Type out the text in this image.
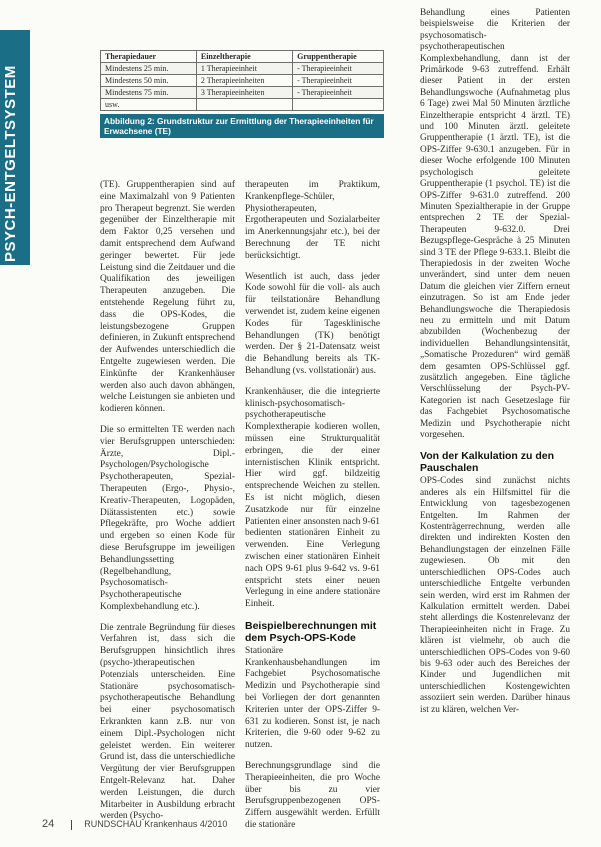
PSYCH-ENTGELTSYSTEM
Therapiedauer	Einzeltherapie	Gruppentherapie
Mindestens 25 min.	1 Therapieeinheit	- Therapieeinheit
Mindestens 50 min.	2 Therapieeinheiten	- Therapieeinheit
Mindestens 75 min.	3 Therapieeinheiten	- Therapieeinheit
usw.		
Abbildung 2: Grundstruktur zur Ermittlung der Therapieeinheiten für Erwachsene (TE)

(TE). Gruppentherapien sind auf eine Maximalzahl von 9 Patienten pro Therapeut begrenzt. Sie werden gegenüber der Einzeltherapie mit dem Faktor 0,25 versehen und damit entsprechend dem Aufwand geringer bewertet. Für jede Leistung sind die Zeitdauer und die Qualifikation des jeweiligen Therapeuten anzugeben. Die entstehende Regelung führt zu, dass die OPS-Kodes, die leistungsbezogene Gruppen definieren, in Zukunft entsprechend der Aufwendes unterschiedlich die Entgelte zugewiesen werden. Die Einkünfte der Krankenhäuser werden also auch davon abhängen, welche Leistungen sie anbieten und kodieren können.

Die so ermittelten TE werden nach vier Berufsgruppen unterschieden: Ärzte, Dipl.-Psychologen/Psychologische Psychotherapeuten, Spezial-Therapeuten (Ergo-, Physio-, Kreativ-Therapeuten, Logopäden, Diätassistenten etc.) sowie Pflegekräfte, pro Woche addiert und ergeben so einen Kode für diese Berufsgruppe im jeweiligen Behandlungssetting (Regelbehandlung, Psychosomatisch-Psychotherapeutische Komplexbehandlung etc.).

Die zentrale Begründung für dieses Verfahren ist, dass sich die Berufsgruppen hinsichtlich ihres (psycho-)therapeutischen Potenzials unterscheiden. Eine Stationäre psychosomatisch-psychotherapeutische Behandlung bei einer psychosomatisch Erkrankten kann z.B. nur von einem Dipl.-Psychologen nicht geleistet werden. Ein weiterer Grund ist, dass die unterschiedliche Vergütung der vier Berufsgruppen Entgelt-Relevanz hat. Daher werden Leistungen, die durch Mitarbeiter in Ausbildung erbracht werden (Psycho-

therapeuten im Praktikum, Krankenpflege-Schüler, Physiotherapeuten, Ergotherapeuten und Sozialarbeiter im Anerkennungsjahr etc.), bei der Berechnung der TE nicht berücksichtigt.

Wesentlich ist auch, dass jeder Kode sowohl für die voll- als auch für teilstationäre Behandlung verwendet ist, zudem keine eigenen Kodes für Tagesklinische Behandlungen (TK) benötigt werden. Der § 21-Datensatz weist die Behandlung bereits als TK-Behandlung (vs. vollstationär) aus.

Krankenhäuser, die die integrierte klinisch-psychosomatisch-psychotherapeutische Komplextherapie kodieren wollen, müssen eine Strukturqualität erbringen, die der einer internistischen Klinik entspricht. Hier wird ggf. bildzeitig entsprechende Weichen zu stellen. Es ist nicht möglich, diesen Zusatzkode nur für einzelne Patienten einer ansonsten nach 9-61 bedienten stationären Einheit zu verwenden. Eine Verlegung zwischen einer stationären Einheit nach OPS 9-61 plus 9-642 vs. 9-61 entspricht stets einer neuen Verlegung in eine andere stationäre Einheit.

Beispielberechnungen mit dem Psych-OPS-Kode

Stationäre Krankenhausbehandlungen im Fachgebiet Psychosomatische Medizin und Psychotherapie sind bei Vorliegen der dort genannten Kriterien unter der OPS-Ziffer 9-631 zu kodieren. Sonst ist, je nach Kriterien, die 9-60 oder 9-62 zu nutzen.

Berechnungsgrundlage sind die Therapieeinheiten, die pro Woche über bis zu vier Berufsgruppenbezogenen OPS-Ziffern ausgewählt werden. Erfüllt die stationäre

Behandlung eines Patienten beispielsweise die Kriterien der psychosomatisch-psychotherapeutischen Komplexbehandlung, dann ist der Primärkode 9-63 zutreffend. Erhält dieser Patient in der ersten Behandlungswoche (Aufnahmetag plus 6 Tage) zwei Mal 50 Minuten ärztliche Einzeltherapie entspricht 4 ärztl. TE) und 100 Minuten ärztl. geleitete Gruppentherapie (1 ärztl. TE), ist die OPS-Ziffer 9-630.1 anzugeben. Für in dieser Woche erfolgende 100 Minuten psychologisch geleitete Gruppentherapie (1 psychol. TE) ist die OPS-Ziffer 9-631.0 zutreffend. 200 Minuten Spezialtherapie in der Gruppe entsprechen 2 TE der Spezial-Therapeuten 9-632.0. Drei Bezugspflege-Gespräche à 25 Minuten sind 3 TE der Pflege 9-633.1. Bleibt die Therapiedosis in der zweiten Woche unverändert, sind unter dem neuen Datum die gleichen vier Ziffern erneut einzutragen. So ist am Ende jeder Behandlungswoche die Therapiedosis neu zu ermitteln und mit Datum abzubilden (Wochenbezug der individuellen Behandlungsintensität, „Somatische Prozeduren“ wird gemäß dem gesamten OPS-Schlüssel ggf. zusätzlich angegeben. Eine tägliche Verschlüsselung der Psych-PV-Kategorien ist nach Gesetzeslage für das Fachgebiet Psychosomatische Medizin und Psychotherapie nicht vorgesehen.

Von der Kalkulation zu den Pauschalen

OPS-Codes sind zunächst nichts anderes als ein Hilfsmittel für die Entwicklung von tagesbezogenen Entgelten. Im Rahmen der Kostenträgerrechnung, werden alle direkten und indirekten Kosten den Behandlungstagen der einzelnen Fälle zugewiesen. Ob mit den unterschiedlichen OPS-Codes auch unterschiedliche Entgelte verbunden sein werden, wird erst im Rahmen der Kalkulation ermittelt werden. Dabei steht allerdings die Kostenrelevanz der Therapieeinheiten nicht in Frage. Zu klären ist vielmehr, ob auch die unterschiedlichen OPS-Codes von 9-60 bis 9-63 oder auch des Bereiches der Kinder und Jugendlichen mit unterschiedlichen Kostengewichten assoziiert sein werden. Darüber hinaus ist zu klären, welchen Ver-

24	RUNDSCHAU Krankenhaus 4/2010
